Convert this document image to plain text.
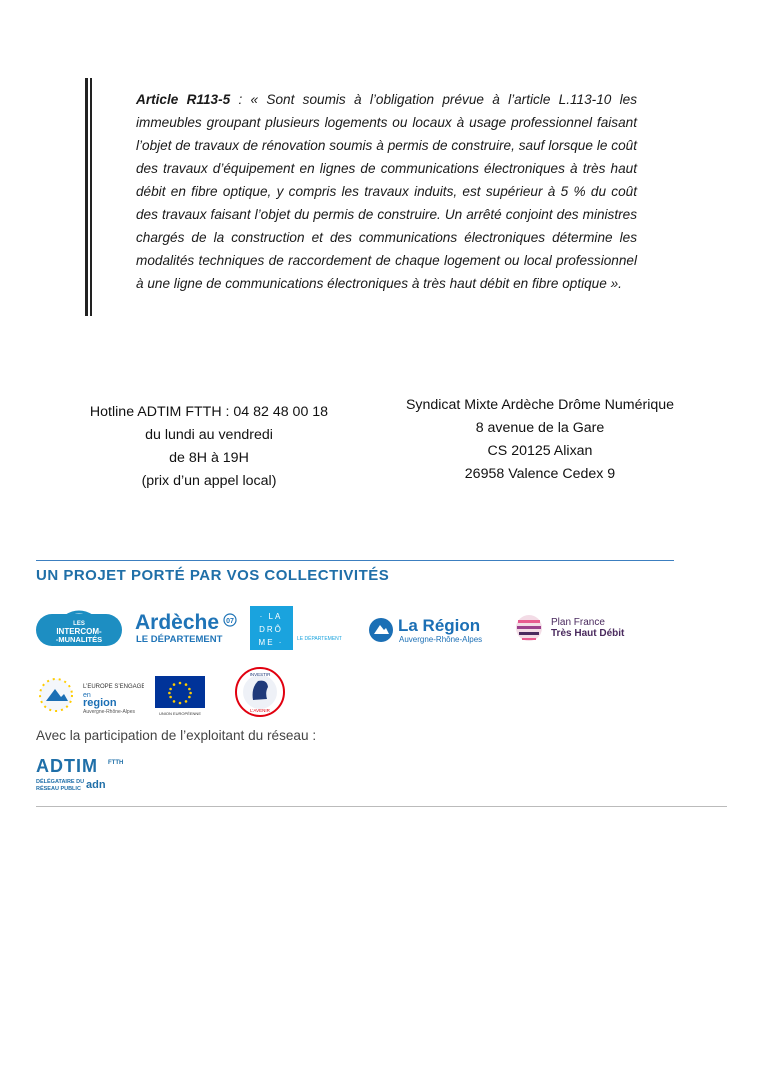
Article R113-5 : « Sont soumis à l’obligation prévue à l’article L.113-10 les immeubles groupant plusieurs logements ou locaux à usage professionnel faisant l’objet de travaux de rénovation soumis à permis de construire, sauf lorsque le coût des travaux d’équipement en lignes de communications électroniques à très haut débit en fibre optique, y compris les travaux induits, est supérieur à 5 % du coût des travaux faisant l’objet du permis de construire. Un arrêté conjoint des ministres chargés de la construction et des communications électroniques détermine les modalités techniques de raccordement de chaque logement ou local professionnel à une ligne de communications électroniques à très haut débit en fibre optique ».
Hotline ADTIM FTTH : 04 82 48 00 18
du lundi au vendredi
de 8H à 19H
(prix d’un appel local)
Syndicat Mixte Ardèche Drôme Numérique
8 avenue de la Gare
CS 20125 Alixan
26958 Valence Cedex 9
UN PROJET PORTÉ PAR VOS COLLECTIVITÉS
LES
INTERCOM-
-MUNALITÉS
Ardèche 07
LE DÉPARTEMENT
· LA
DRÔ
ME ·	LE DÉPARTEMENT
La Région
Auvergne-Rhône-Alpes
Plan France
Très Haut Débit
L’EUROPE S’ENGAGE
en
region
Auvergne-Rhône-Alpes	UNION EUROPÉENNE
INVESTIR
L’AVENIR
Avec la participation de l’exploitant du réseau :
ADTIM FTTH
DÉLÉGATAIRE DU
RÉSEAU PUBLIC adn
